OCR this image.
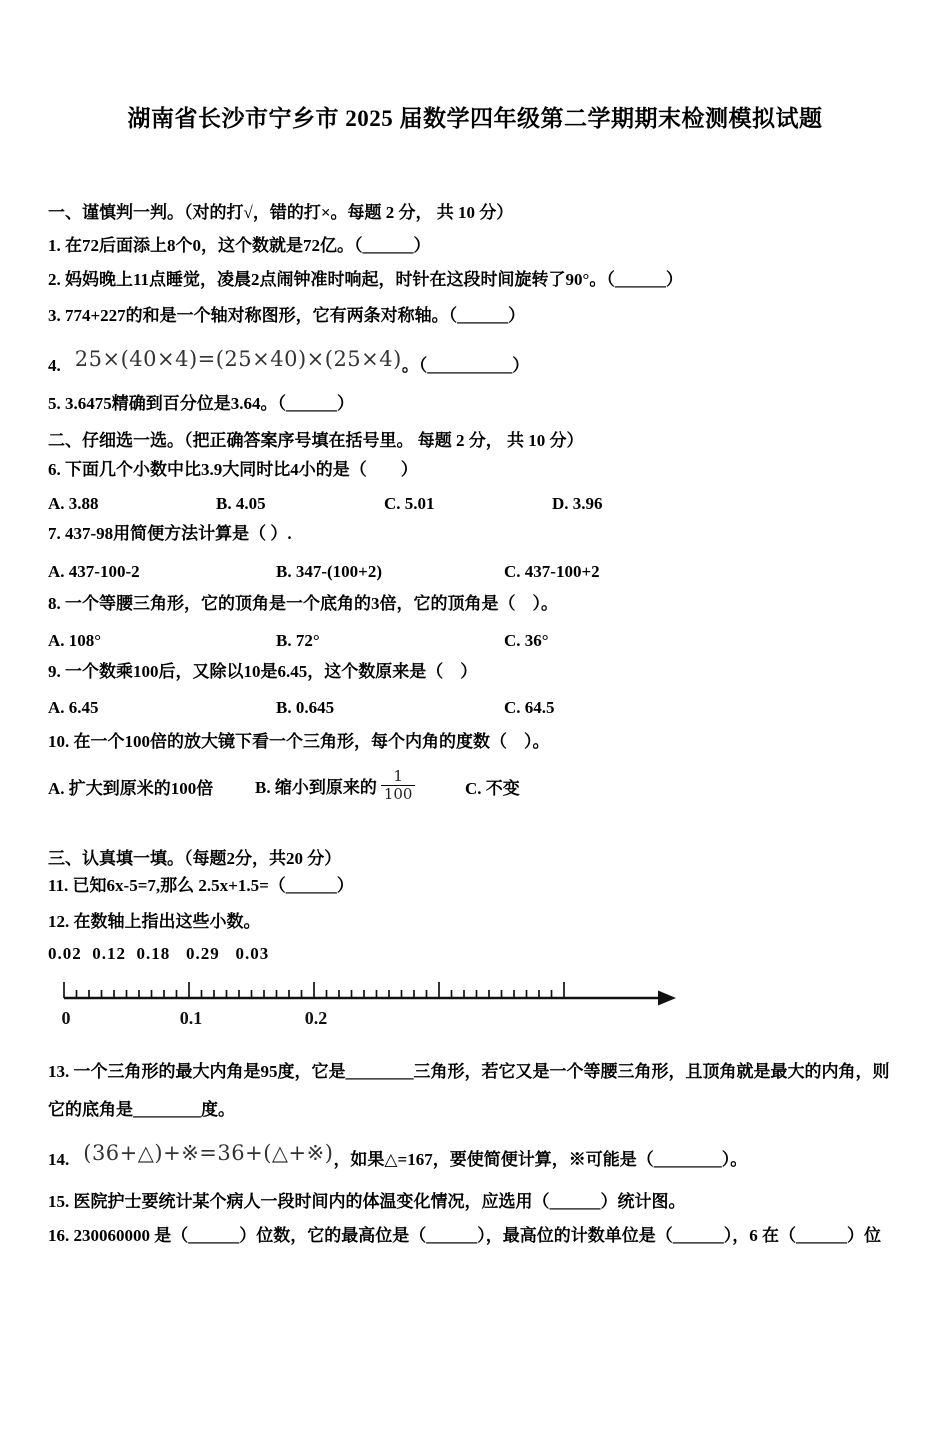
湖南省长沙市宁乡市 2025 届数学四年级第二学期期末检测模拟试题
一、谨慎判一判。（对的打√，错的打×。每题 2 分， 共 10 分）
1. 在72后面添上8个0，这个数就是72亿。（______）
2. 妈妈晚上11点睡觉，凌晨2点闹钟准时响起，时针在这段时间旋转了90°。（______）
3. 774+227的和是一个轴对称图形，它有两条对称轴。（______）
4. 25×(40×4)=(25×40)×(25×4) 。（__________）
5. 3.6475精确到百分位是3.64。（______）
二、仔细选一选。（把正确答案序号填在括号里。 每题 2 分， 共 10 分）
6. 下面几个小数中比3.9大同时比4小的是（　　）
A. 3.88	B. 4.05	C. 5.01	D. 3.96
7. 437-98用简便方法计算是（ ）.
A. 437-100-2	B. 347-(100+2)	C. 437-100+2
8. 一个等腰三角形，它的顶角是一个底角的3倍，它的顶角是（　）。
A. 108°	B. 72°	C. 36°
9. 一个数乘100后，又除以10是6.45，这个数原来是（　）
A. 6.45	B. 0.645	C. 64.5
10. 在一个100倍的放大镜下看一个三角形，每个内角的度数（　）。
A. 扩大到原米的100倍	B. 缩小到原来的 $\frac{1}{100}$	C. 不变
三、认真填一填。（每题2分，共20 分）
11. 已知6x-5=7,那么 2.5x+1.5=（______）
12. 在数轴上指出这些小数。
0.02  0.12  0.18   0.29   0.03
0	0.1	0.2
13. 一个三角形的最大内角是95度，它是________三角形，若它又是一个等腰三角形，且顶角就是最大的内角，则
它的底角是________度。
14. (36+△)+※=36+(△+※) ，如果△=167，要使简便计算，※可能是（________）。
15. 医院护士要统计某个病人一段时间内的体温变化情况，应选用（______）统计图。
16. 230060000 是（______）位数，它的最高位是（______），最高位的计数单位是（______），6 在（______）位
